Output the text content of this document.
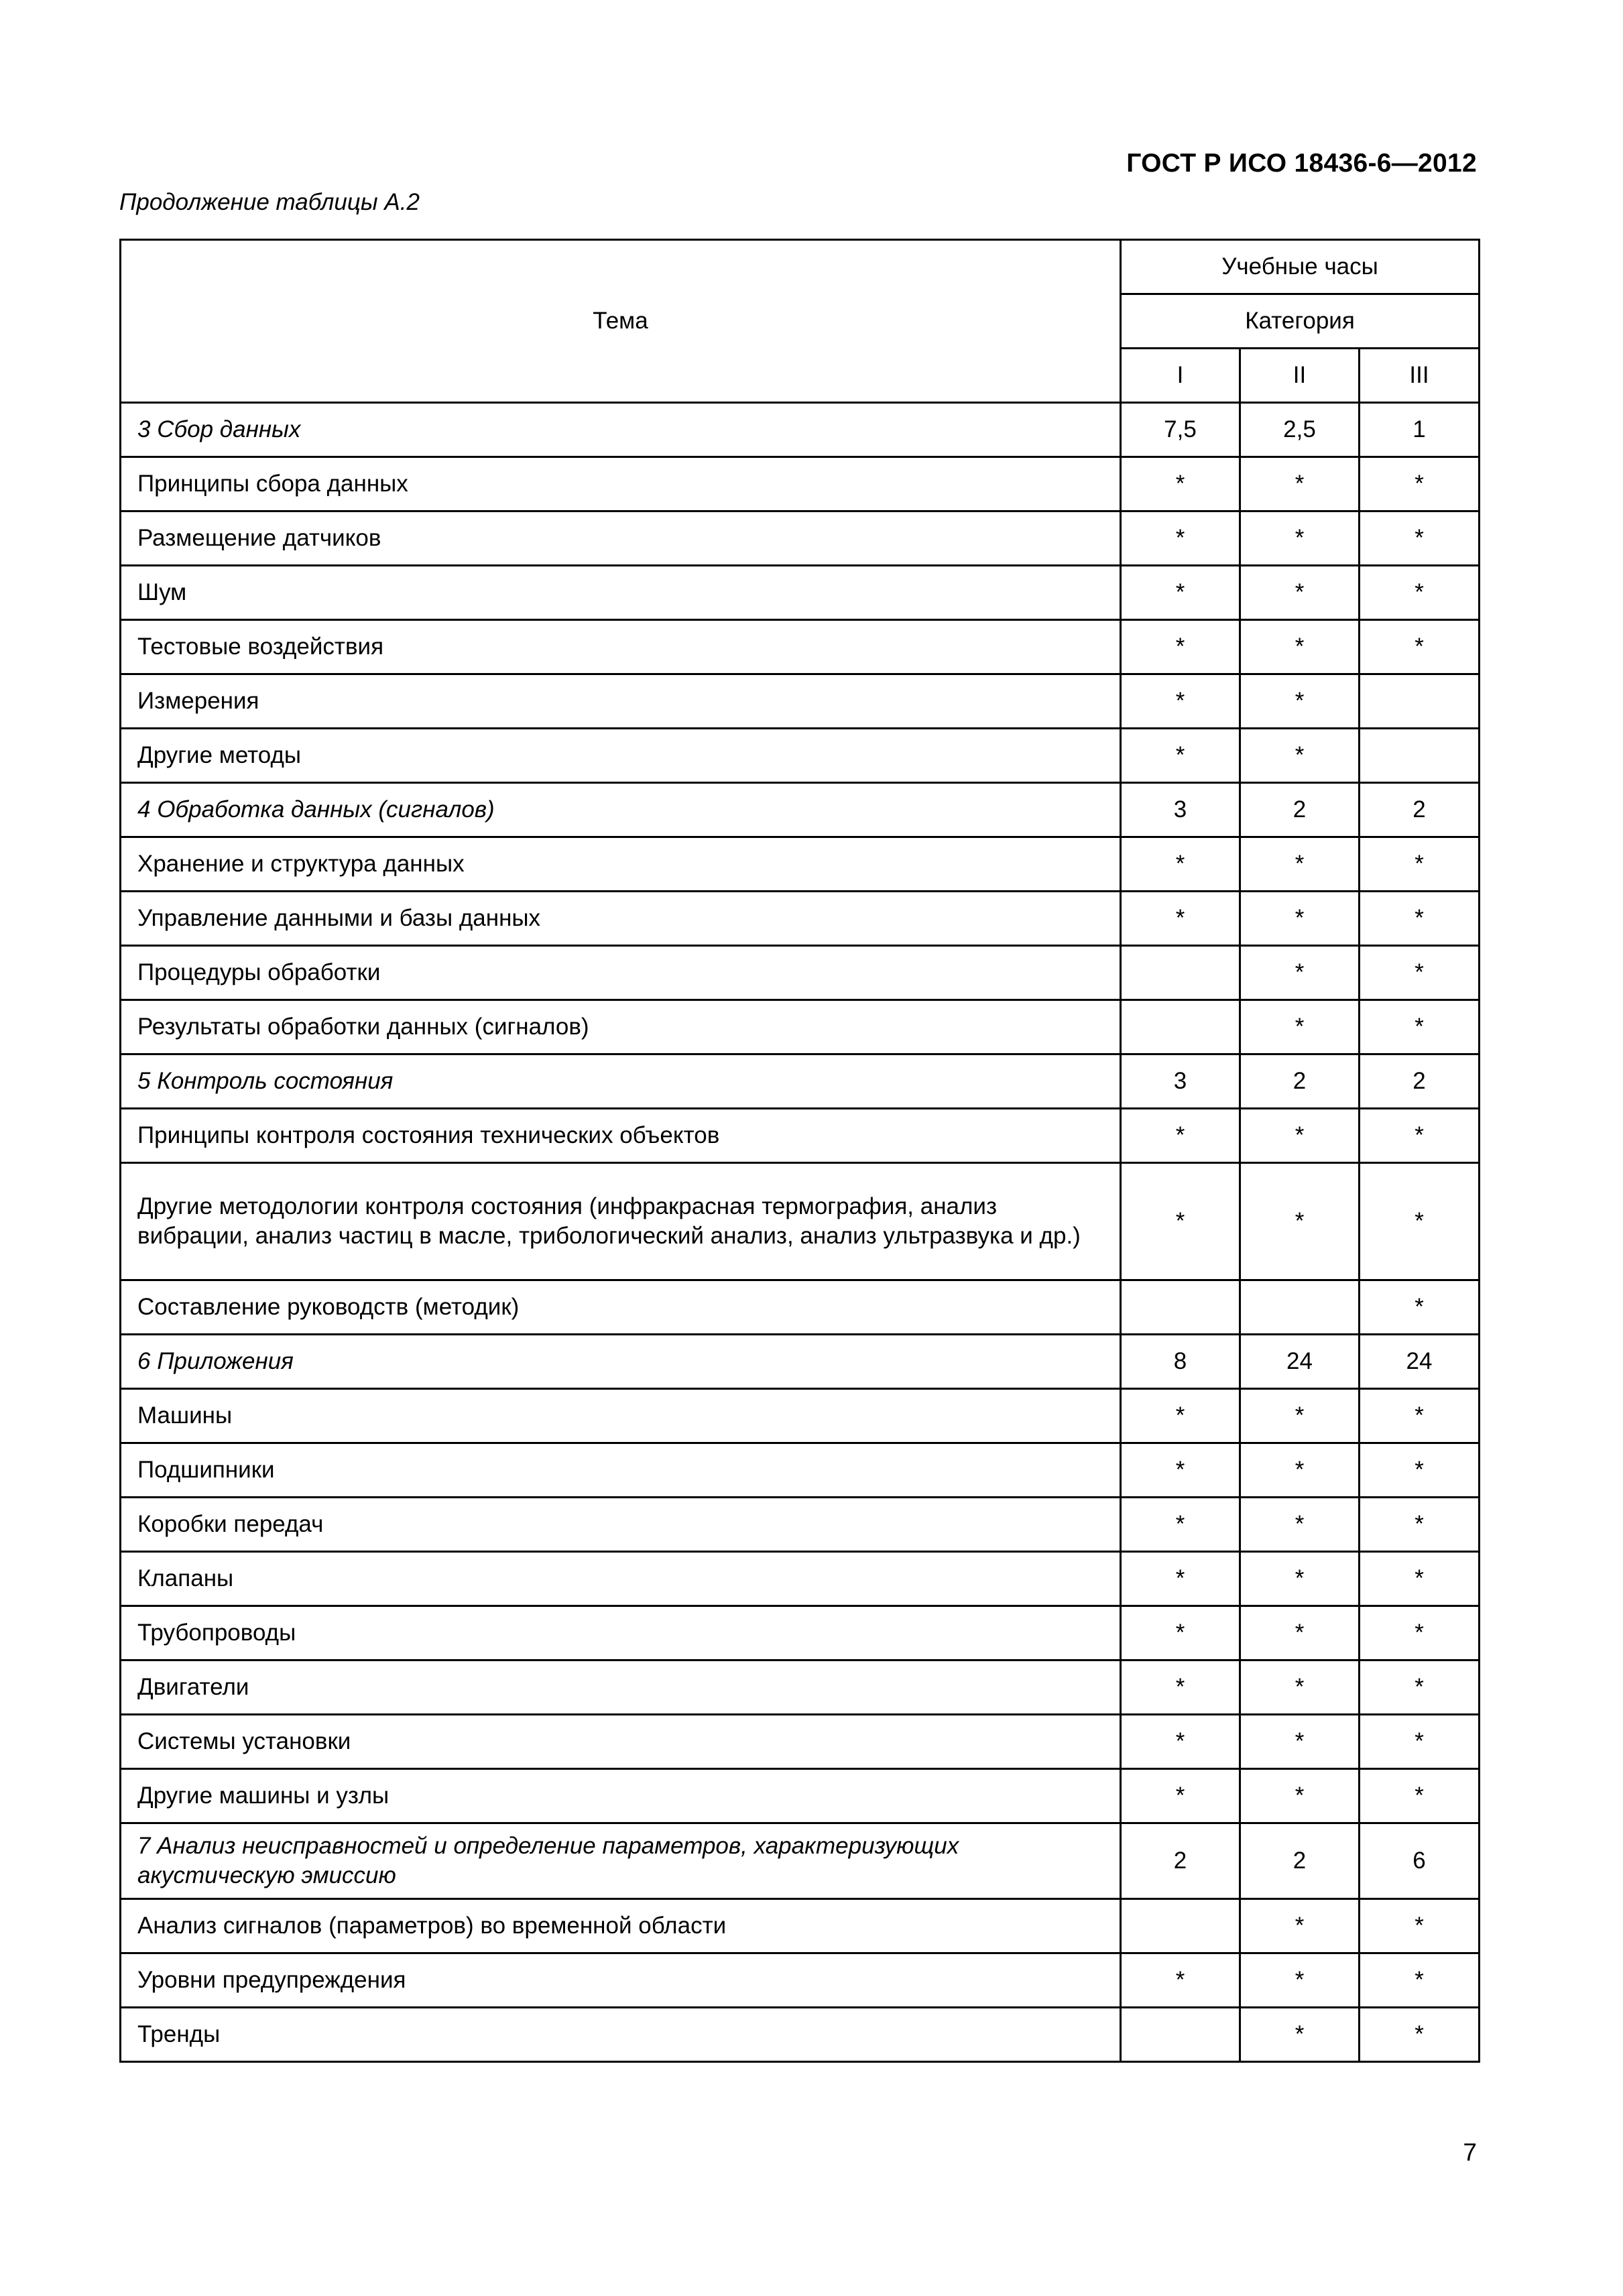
ГОСТ Р ИСО 18436-6—2012
Продолжение таблицы А.2
Тема	Учебные часы		
	Категория		
	I	II	III
3 Сбор данных	7,5	2,5	1
Принципы сбора данных	*	*	*
Размещение датчиков	*	*	*
Шум	*	*	*
Тестовые воздействия	*	*	*
Измерения	*	*	
Другие методы	*	*	
4 Обработка данных (сигналов)	3	2	2
Хранение и структура данных	*	*	*
Управление данными и базы данных	*	*	*
Процедуры обработки		*	*
Результаты обработки данных (сигналов)		*	*
5 Контроль состояния	3	2	2
Принципы контроля состояния технических объектов	*	*	*
Другие методологии контроля состояния (инфракрасная термография, анализ вибрации, анализ частиц в масле, трибологический анализ, анализ ультразвука и др.)	*	*	*
Составление руководств (методик)			*
6 Приложения	8	24	24
Машины	*	*	*
Подшипники	*	*	*
Коробки передач	*	*	*
Клапаны	*	*	*
Трубопроводы	*	*	*
Двигатели	*	*	*
Системы установки	*	*	*
Другие машины и узлы	*	*	*
7 Анализ неисправностей и определение параметров, характеризующих акустическую эмиссию	2	2	6
Анализ сигналов (параметров) во временной области		*	*
Уровни предупреждения	*	*	*
Тренды		*	*
7
